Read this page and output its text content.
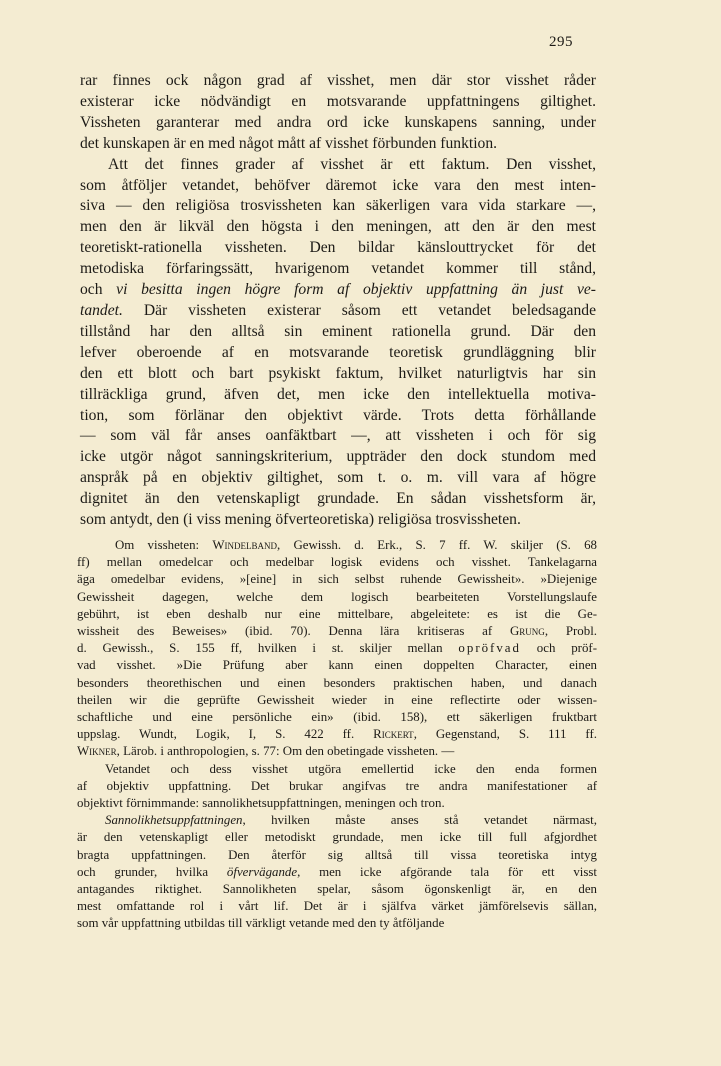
295
rar finnes ock någon grad af visshet, men där stor visshet råder
existerar icke nödvändigt en motsvarande uppfattningens giltighet.
Vissheten garanterar med andra ord icke kunskapens sanning, under
det kunskapen är en med något mått af visshet förbunden funktion.
Att det finnes grader af visshet är ett faktum. Den visshet,
som åtföljer vetandet, behöfver däremot icke vara den mest inten-
siva — den religiösa trosvissheten kan säkerligen vara vida starkare —,
men den är likväl den högsta i den meningen, att den är den mest
teoretiskt-rationella vissheten. Den bildar känslouttrycket för det
metodiska förfaringssätt, hvarigenom vetandet kommer till stånd,
och vi besitta ingen högre form af objektiv uppfattning än just ve-
tandet. Där vissheten existerar såsom ett vetandet beledsagande
tillstånd har den alltså sin eminent rationella grund. Där den
lefver oberoende af en motsvarande teoretisk grundläggning blir
den ett blott och bart psykiskt faktum, hvilket naturligtvis har sin
tillräckliga grund, äfven det, men icke den intellektuella motiva-
tion, som förlänar den objektivt värde. Trots detta förhållande
— som väl får anses oanfäktbart —, att vissheten i och för sig
icke utgör något sanningskriterium, uppträder den dock stundom med
anspråk på en objektiv giltighet, som t. o. m. vill vara af högre
dignitet än den vetenskapligt grundade. En sådan visshetsform är,
som antydt, den (i viss mening öfverteoretiska) religiösa trosvissheten.
Om vissheten: Windelband, Gewissh. d. Erk., S. 7 ff. W. skiljer (S. 68
ff) mellan omedelcar och medelbar logisk evidens och visshet. Tankelagarna
äga omedelbar evidens, »[eine] in sich selbst ruhende Gewissheit». »Diejenige
Gewissheit dagegen, welche dem logisch bearbeiteten Vorstellungslaufe
gebührt, ist eben deshalb nur eine mittelbare, abgeleitete: es ist die Ge-
wissheit des Beweises» (ibid. 70). Denna lära kritiseras af Grung, Probl.
d. Gewissh., S. 155 ff, hvilken i st. skiljer mellan opröfvad och pröf-
vad visshet. »Die Prüfung aber kann einen doppelten Character, einen
besonders theorethischen und einen besonders praktischen haben, und danach
theilen wir die geprüfte Gewissheit wieder in eine reflectirte oder wissen-
schaftliche und eine persönliche ein» (ibid. 158), ett säkerligen fruktbart
uppslag. Wundt, Logik, I, S. 422 ff. Rickert, Gegenstand, S. 111 ff.
Wikner, Lärob. i anthropologien, s. 77: Om den obetingade vissheten. —
Vetandet och dess visshet utgöra emellertid icke den enda formen
af objektiv uppfattning. Det brukar angifvas tre andra manifestationer af
objektivt förnimmande: sannolikhetsuppfattningen, meningen och tron.
Sannolikhetsuppfattningen, hvilken måste anses stå vetandet närmast,
är den vetenskapligt eller metodiskt grundade, men icke till full afgjordhet
bragta uppfattningen. Den återför sig alltså till vissa teoretiska intyg
och grunder, hvilka öfvervägande, men icke afgörande tala för ett visst
antagandes riktighet. Sannolikheten spelar, såsom ögonskenligt är, en den
mest omfattande rol i vårt lif. Det är i själfva värket jämförelsevis sällan,
som vår uppfattning utbildas till värkligt vetande med den ty åtföljande
